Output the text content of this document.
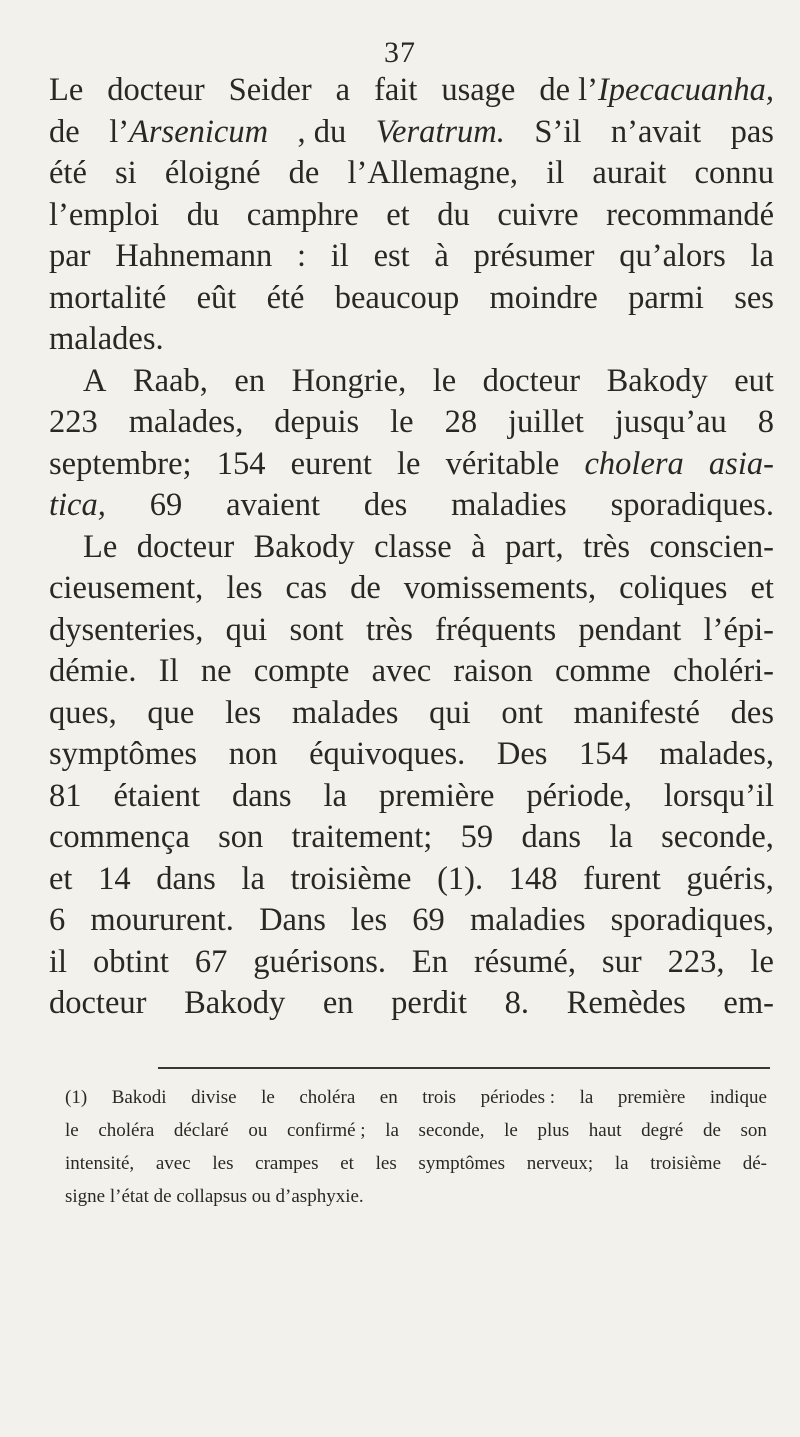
37
Le docteur Seider a fait usage de l’Ipecacuanha,
de l’Arsenicum , du Veratrum. S’il n’avait pas
été si éloigné de l’Allemagne, il aurait connu
l’emploi du camphre et du cuivre recommandé
par Hahnemann : il est à présumer qu’alors la
mortalité eût été beaucoup moindre parmi ses
malades.
A Raab, en Hongrie, le docteur Bakody eut
223 malades, depuis le 28 juillet jusqu’au 8
septembre; 154 eurent le véritable cholera asia-
tica, 69 avaient des maladies sporadiques.
Le docteur Bakody classe à part, très conscien-
cieusement, les cas de vomissements, coliques et
dysenteries, qui sont très fréquents pendant l’épi-
démie. Il ne compte avec raison comme choléri-
ques, que les malades qui ont manifesté des
symptômes non équivoques. Des 154 malades,
81 étaient dans la première période, lorsqu’il
commença son traitement; 59 dans la seconde,
et 14 dans la troisième (1). 148 furent guéris,
6 moururent. Dans les 69 maladies sporadiques,
il obtint 67 guérisons. En résumé, sur 223, le
docteur Bakody en perdit 8. Remèdes em-
(1) Bakodi divise le choléra en trois périodes : la première indique
le choléra déclaré ou confirmé ; la seconde, le plus haut degré de son
intensité, avec les crampes et les symptômes nerveux; la troisième dé-
signe
l’état
de
collapsus
ou
d’asphyxie.
